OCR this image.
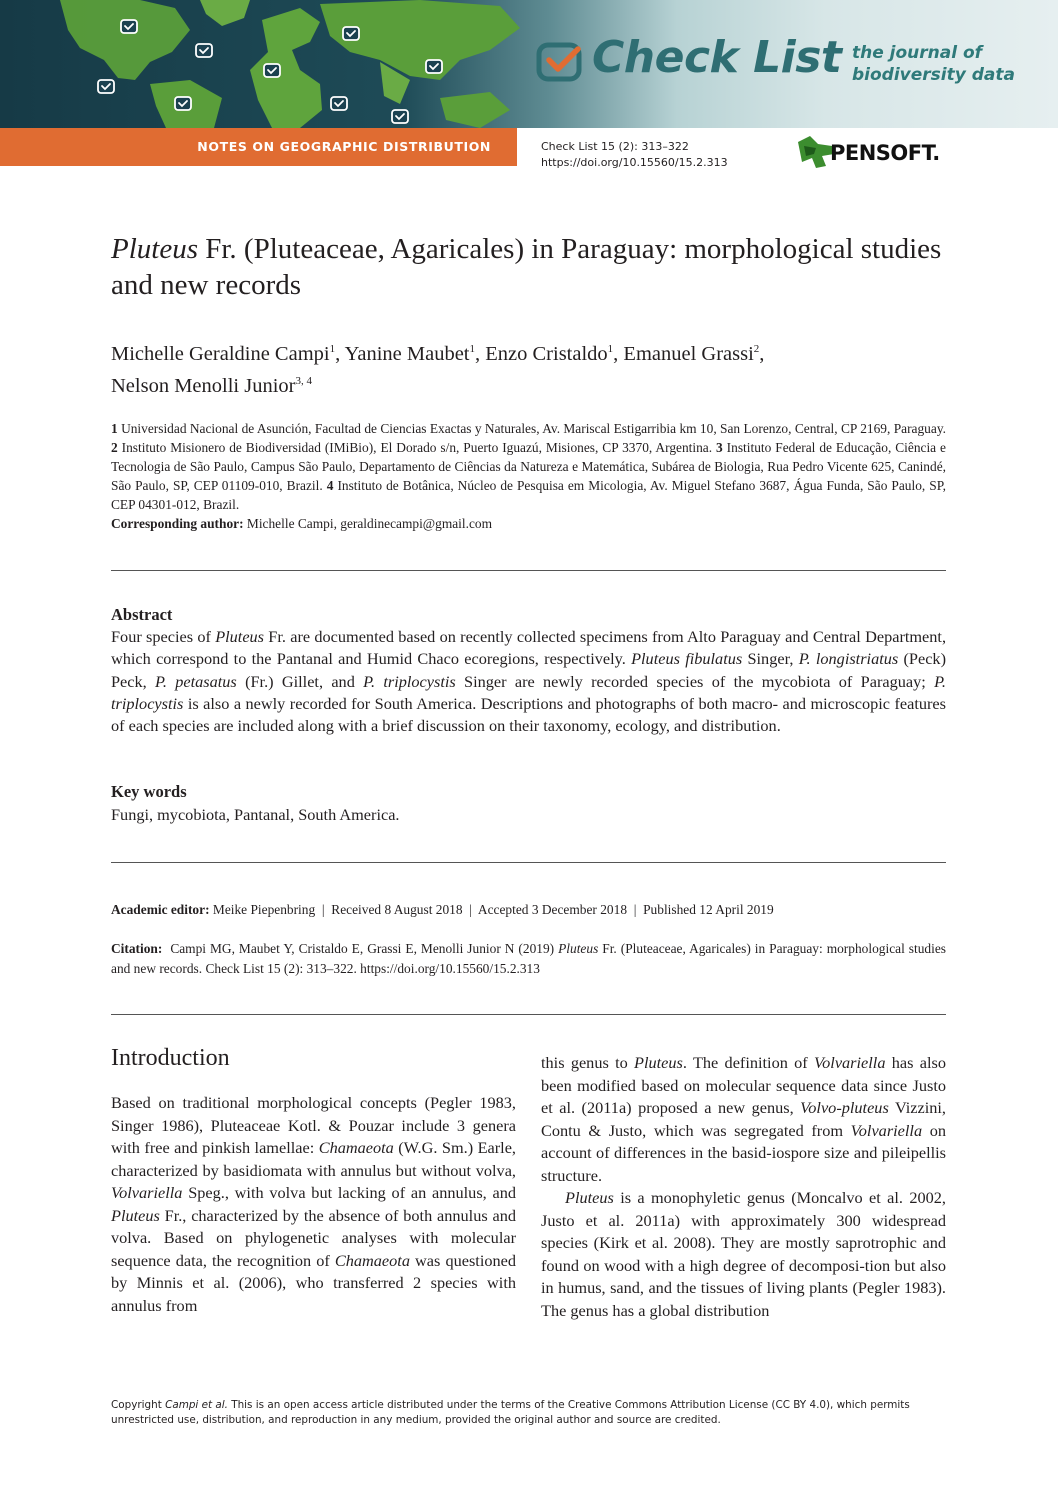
Check List the journal of
biodiversity data
NOTES ON GEOGRAPHIC DISTRIBUTION	Check List 15 (2): 313–322
https://doi.org/10.15560/15.2.313	PENSOFT.
Pluteus Fr. (Pluteaceae, Agaricales) in Paraguay: morphological studies and new records
Michelle Geraldine Campi$^1$, Yanine Maubet$^1$, Enzo Cristaldo$^1$, Emanuel Grassi$^2$,
Nelson Menolli Junior$^{3, 4}$
1 Universidad Nacional de Asunción, Facultad de Ciencias Exactas y Naturales, Av. Mariscal Estigarribia km 10, San Lorenzo, Central, CP 2169, Paraguay. 2 Instituto Misionero de Biodiversidad (IMiBio), El Dorado s/n, Puerto Iguazú, Misiones, CP 3370, Argentina. 3 Instituto Federal de Educação, Ciência e Tecnologia de São Paulo, Campus São Paulo, Departamento de Ciências da Natureza e Matemática, Subárea de Biologia, Rua Pedro Vicente 625, Canindé, São Paulo, SP, CEP 01109-010, Brazil. 4 Instituto de Botânica, Núcleo de Pesquisa em Micologia, Av. Miguel Stefano 3687, Água Funda, São Paulo, SP, CEP 04301-012, Brazil.
Corresponding author: Michelle Campi, geraldinecampi@gmail.com
Abstract
Four species of Pluteus Fr. are documented based on recently collected specimens from Alto Paraguay and Central Department, which correspond to the Pantanal and Humid Chaco ecoregions, respectively. Pluteus fibulatus Singer, P. longistriatus (Peck) Peck, P. petasatus (Fr.) Gillet, and P. triplocystis Singer are newly recorded species of the mycobiota of Paraguay; P. triplocystis is also a newly recorded for South America. Descriptions and photographs of both macro- and microscopic features of each species are included along with a brief discussion on their taxonomy, ecology, and distribution.
Key words
Fungi, mycobiota, Pantanal, South America.
Academic editor: Meike Piepenbring  |  Received 8 August 2018  |  Accepted 3 December 2018  |  Published 12 April 2019
Citation: Campi MG, Maubet Y, Cristaldo E, Grassi E, Menolli Junior N (2019) Pluteus Fr. (Pluteaceae, Agaricales) in Paraguay: morphological studies and new records. Check List 15 (2): 313–322. https://doi.org/10.15560/15.2.313
Introduction

Based on traditional morphological concepts (Pegler 1983, Singer 1986), Pluteaceae Kotl. & Pouzar include 3 genera with free and pinkish lamellae: Chamaeota (W.G. Sm.) Earle, characterized by basidiomata with annulus but without volva, Volvariella Speg., with volva but lacking of an annulus, and Pluteus Fr., characterized by the absence of both annulus and volva. Based on phylogenetic analyses with molecular sequence data, the recognition of Chamaeota was questioned by Minnis et al. (2006), who transferred 2 species with annulus from

this genus to Pluteus. The definition of Volvariella has also been modified based on molecular sequence data since Justo et al. (2011a) proposed a new genus, Volvo-pluteus Vizzini, Contu & Justo, which was segregated from Volvariella on account of differences in the basid-iospore size and pileipellis structure.

Pluteus is a monophyletic genus (Moncalvo et al. 2002, Justo et al. 2011a) with approximately 300 widespread species (Kirk et al. 2008). They are mostly saprotrophic and found on wood with a high degree of decomposi-tion but also in humus, sand, and the tissues of living plants (Pegler 1983). The genus has a global distribution

Copyright Campi et al. This is an open access article distributed under the terms of the Creative Commons Attribution License (CC BY 4.0), which permits unrestricted use, distribution, and reproduction in any medium, provided the original author and source are credited.
